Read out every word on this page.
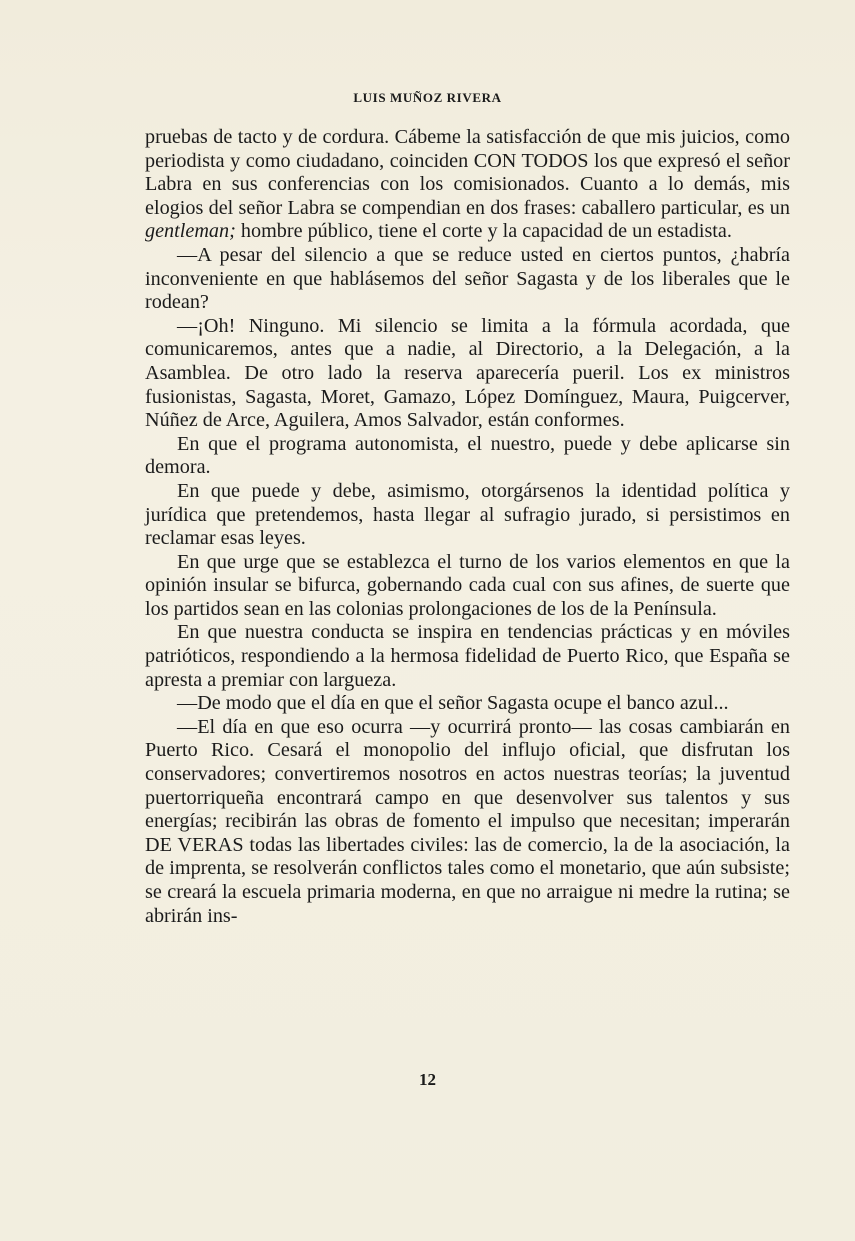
LUIS MUÑOZ RIVERA

pruebas de tacto y de cordura. Cábeme la satisfacción de que mis juicios, como periodista y como ciudadano, coinciden CON TODOS los que expresó el señor Labra en sus conferencias con los comisionados. Cuanto a lo demás, mis elogios del señor Labra se compendian en dos frases: caballero particular, es un gentleman; hombre público, tiene el corte y la capacidad de un estadista.

—A pesar del silencio a que se reduce usted en ciertos puntos, ¿habría inconveniente en que hablásemos del señor Sagasta y de los liberales que le rodean?

—¡Oh! Ninguno. Mi silencio se limita a la fórmula acordada, que comunicaremos, antes que a nadie, al Directorio, a la Delegación, a la Asamblea. De otro lado la reserva aparecería pueril. Los ex ministros fusionistas, Sagasta, Moret, Gamazo, López Domínguez, Maura, Puigcerver, Núñez de Arce, Aguilera, Amos Salvador, están conformes.

En que el programa autonomista, el nuestro, puede y debe aplicarse sin demora.

En que puede y debe, asimismo, otorgársenos la identidad política y jurídica que pretendemos, hasta llegar al sufragio jurado, si persistimos en reclamar esas leyes.

En que urge que se establezca el turno de los varios elementos en que la opinión insular se bifurca, gobernando cada cual con sus afines, de suerte que los partidos sean en las colonias prolongaciones de los de la Península.

En que nuestra conducta se inspira en tendencias prácticas y en móviles patrióticos, respondiendo a la hermosa fidelidad de Puerto Rico, que España se apresta a premiar con largueza.

—De modo que el día en que el señor Sagasta ocupe el banco azul...

—El día en que eso ocurra —y ocurrirá pronto— las cosas cambiarán en Puerto Rico. Cesará el monopolio del influjo oficial, que disfrutan los conservadores; convertiremos nosotros en actos nuestras teorías; la juventud puertorriqueña encontrará campo en que desenvolver sus talentos y sus energías; recibirán las obras de fomento el impulso que necesitan; imperarán DE VERAS todas las libertades civiles: las de comercio, la de la asociación, la de imprenta, se resolverán conflictos tales como el monetario, que aún subsiste; se creará la escuela primaria moderna, en que no arraigue ni medre la rutina; se abrirán ins-

12
